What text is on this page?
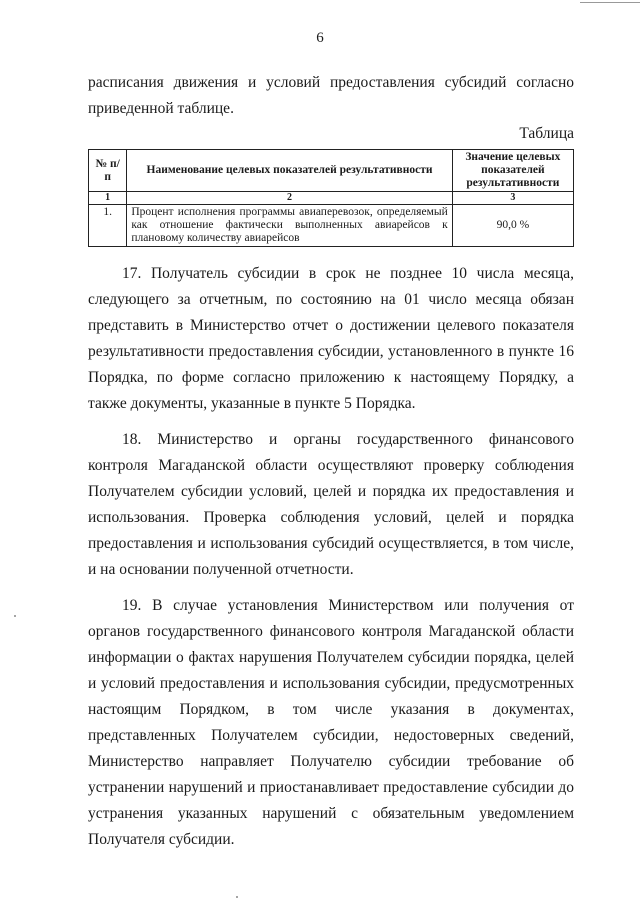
6

расписания движения и условий предоставления субсидий согласно приведенной таблице.

Таблица
№ п/п	Наименование целевых показателей результативности	Значение целевых показателей результативности
1	2	3
1.	Процент исполнения программы авиаперевозок, определяемый как отношение фактически выполненных авиарейсов к плановому количеству авиарейсов	90,0 %

17. Получатель субсидии в срок не позднее 10 числа месяца, следующего за отчетным, по состоянию на 01 число месяца обязан представить в Министерство отчет о достижении целевого показателя результативности предоставления субсидии, установленного в пункте 16 Порядка, по форме согласно приложению к настоящему Порядку, а также документы, указанные в пункте 5 Порядка.

18. Министерство и органы государственного финансового контроля Магаданской области осуществляют проверку соблюдения Получателем субсидии условий, целей и порядка их предоставления и использования. Проверка соблюдения условий, целей и порядка предоставления и использования субсидий осуществляется, в том числе, и на основании полученной отчетности.

19. В случае установления Министерством или получения от органов государственного финансового контроля Магаданской области информации о фактах нарушения Получателем субсидии порядка, целей и условий предоставления и использования субсидии, предусмотренных настоящим Порядком, в том числе указания в документах, представленных Получателем субсидии, недостоверных сведений, Министерство направляет Получателю субсидии требование об устранении нарушений и приостанавливает предоставление субсидии до устранения указанных нарушений с обязательным уведомлением Получателя субсидии.
